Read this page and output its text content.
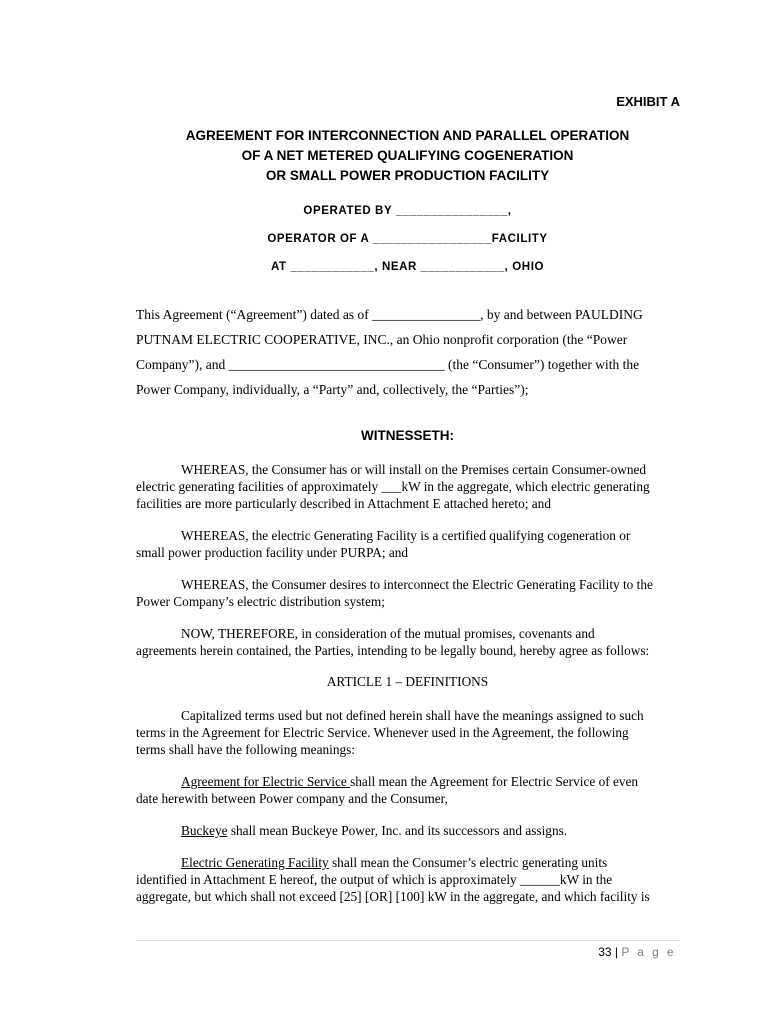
EXHIBIT A
AGREEMENT FOR INTERCONNECTION AND PARALLEL OPERATION
OF A NET METERED QUALIFYING COGENERATION
OR SMALL POWER PRODUCTION FACILITY
OPERATED BY ________________,
OPERATOR OF A _________________FACILITY
AT ____________, NEAR ____________, OHIO
This Agreement (“Agreement”) dated as of ________________, by and between PAULDING
PUTNAM ELECTRIC COOPERATIVE, INC., an Ohio nonprofit corporation (the “Power
Company”), and ________________________________ (the “Consumer”) together with the
Power Company, individually, a “Party” and, collectively, the “Parties”);
WITNESSETH:
WHEREAS, the Consumer has or will install on the Premises certain Consumer-owned
electric generating facilities of approximately ___kW in the aggregate, which electric generating
facilities are more particularly described in Attachment E attached hereto; and
WHEREAS, the electric Generating Facility is a certified qualifying cogeneration or
small power production facility under PURPA; and
WHEREAS, the Consumer desires to interconnect the Electric Generating Facility to the
Power Company’s electric distribution system;
NOW, THEREFORE, in consideration of the mutual promises, covenants and
agreements herein contained, the Parties, intending to be legally bound, hereby agree as follows:
ARTICLE 1 – DEFINITIONS
Capitalized terms used but not defined herein shall have the meanings assigned to such
terms in the Agreement for Electric Service. Whenever used in the Agreement, the following
terms shall have the following meanings:
Agreement for Electric Service shall mean the Agreement for Electric Service of even
date herewith between Power company and the Consumer,
Buckeye shall mean Buckeye Power, Inc. and its successors and assigns.
Electric Generating Facility shall mean the Consumer’s electric generating units
identified in Attachment E hereof, the output of which is approximately ______kW in the
aggregate, but which shall not exceed [25] [OR] [100] kW in the aggregate, and which facility is
33 | P a g e
